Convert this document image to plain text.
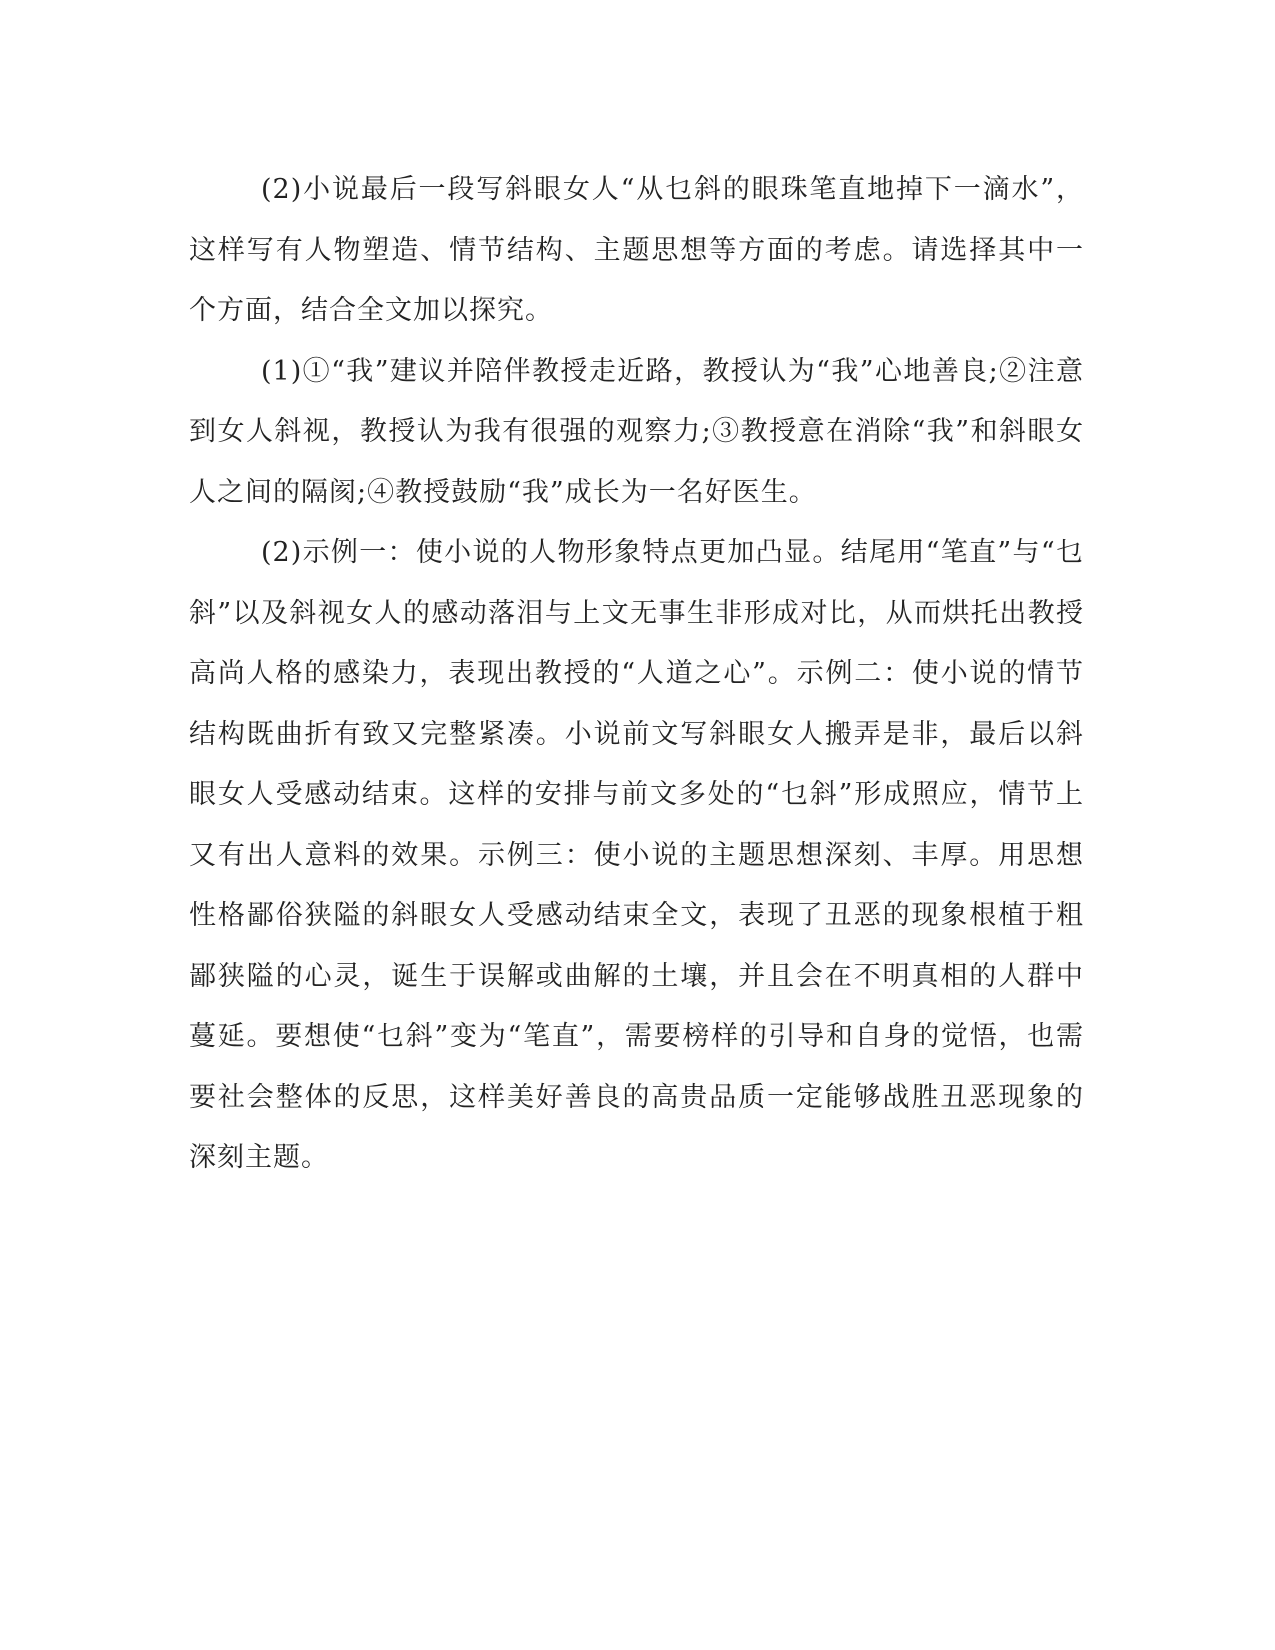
(2)小说最后一段写斜眼女人“从乜斜的眼珠笔直地掉下一滴水”，这样写有人物塑造、情节结构、主题思想等方面的考虑。请选择其中一个方面，结合全文加以探究。

(1)①“我”建议并陪伴教授走近路，教授认为“我”心地善良;②注意到女人斜视，教授认为我有很强的观察力;③教授意在消除“我”和斜眼女人之间的隔阂;④教授鼓励“我”成长为一名好医生。

(2)示例一：使小说的人物形象特点更加凸显。结尾用“笔直”与“乜斜”以及斜视女人的感动落泪与上文无事生非形成对比，从而烘托出教授高尚人格的感染力，表现出教授的“人道之心”。示例二：使小说的情节结构既曲折有致又完整紧凑。小说前文写斜眼女人搬弄是非，最后以斜眼女人受感动结束。这样的安排与前文多处的“乜斜”形成照应，情节上又有出人意料的效果。示例三：使小说的主题思想深刻、丰厚。用思想性格鄙俗狭隘的斜眼女人受感动结束全文，表现了丑恶的现象根植于粗鄙狭隘的心灵，诞生于误解或曲解的土壤，并且会在不明真相的人群中蔓延。要想使“乜斜”变为“笔直”，需要榜样的引导和自身的觉悟，也需要社会整体的反思，这样美好善良的高贵品质一定能够战胜丑恶现象的深刻主题。
